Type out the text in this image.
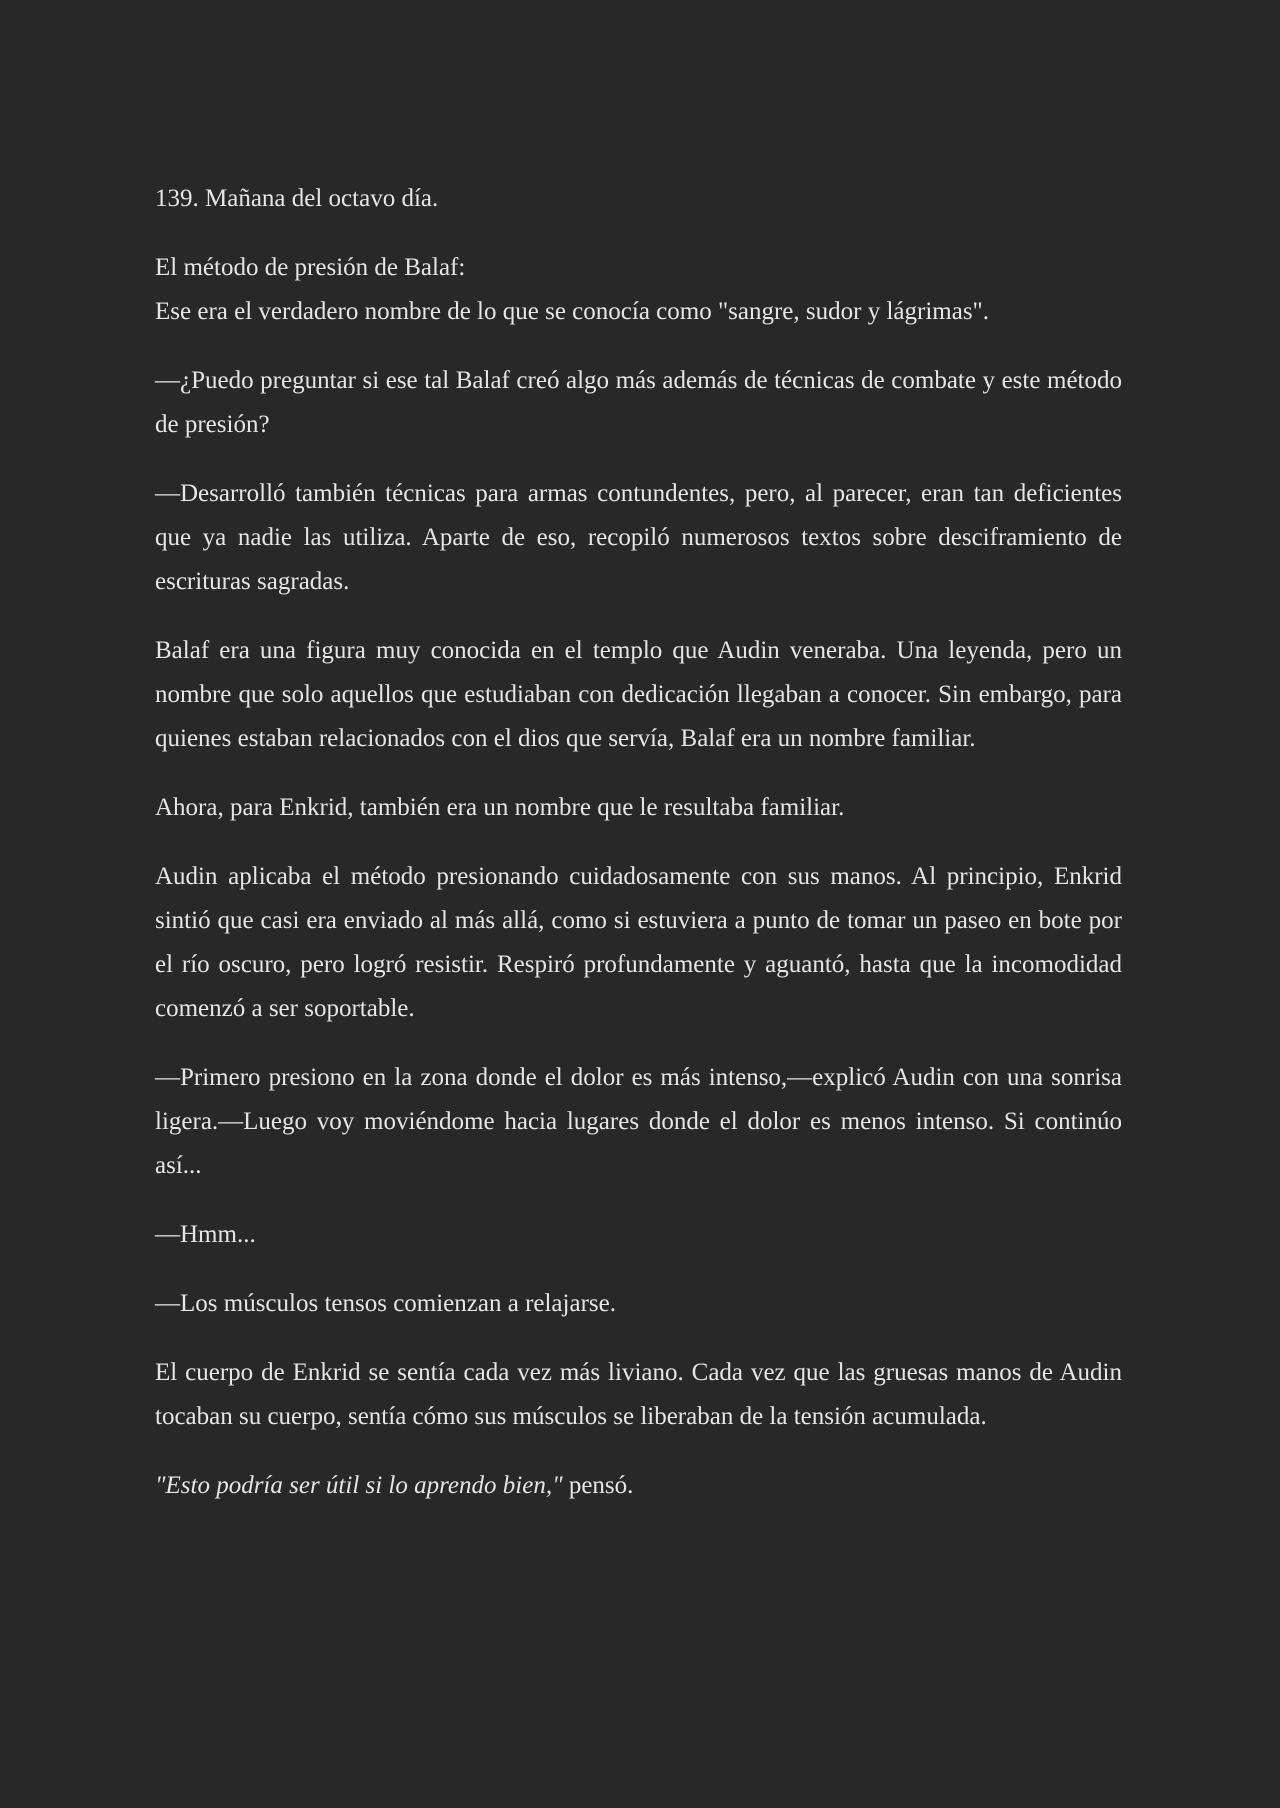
139. Mañana del octavo día.

El método de presión de Balaf:
Ese era el verdadero nombre de lo que se conocía como "sangre, sudor y lágrimas".

—¿Puedo preguntar si ese tal Balaf creó algo más además de técnicas de combate y este método de presión?

—Desarrolló también técnicas para armas contundentes, pero, al parecer, eran tan deficientes que ya nadie las utiliza. Aparte de eso, recopiló numerosos textos sobre desciframiento de escrituras sagradas.

Balaf era una figura muy conocida en el templo que Audin veneraba. Una leyenda, pero un nombre que solo aquellos que estudiaban con dedicación llegaban a conocer. Sin embargo, para quienes estaban relacionados con el dios que servía, Balaf era un nombre familiar.

Ahora, para Enkrid, también era un nombre que le resultaba familiar.

Audin aplicaba el método presionando cuidadosamente con sus manos. Al principio, Enkrid sintió que casi era enviado al más allá, como si estuviera a punto de tomar un paseo en bote por el río oscuro, pero logró resistir. Respiró profundamente y aguantó, hasta que la incomodidad comenzó a ser soportable.

—Primero presiono en la zona donde el dolor es más intenso,—explicó Audin con una sonrisa ligera.—Luego voy moviéndome hacia lugares donde el dolor es menos intenso. Si continúo así...

—Hmm...

—Los músculos tensos comienzan a relajarse.

El cuerpo de Enkrid se sentía cada vez más liviano. Cada vez que las gruesas manos de Audin tocaban su cuerpo, sentía cómo sus músculos se liberaban de la tensión acumulada.

"Esto podría ser útil si lo aprendo bien," pensó.
